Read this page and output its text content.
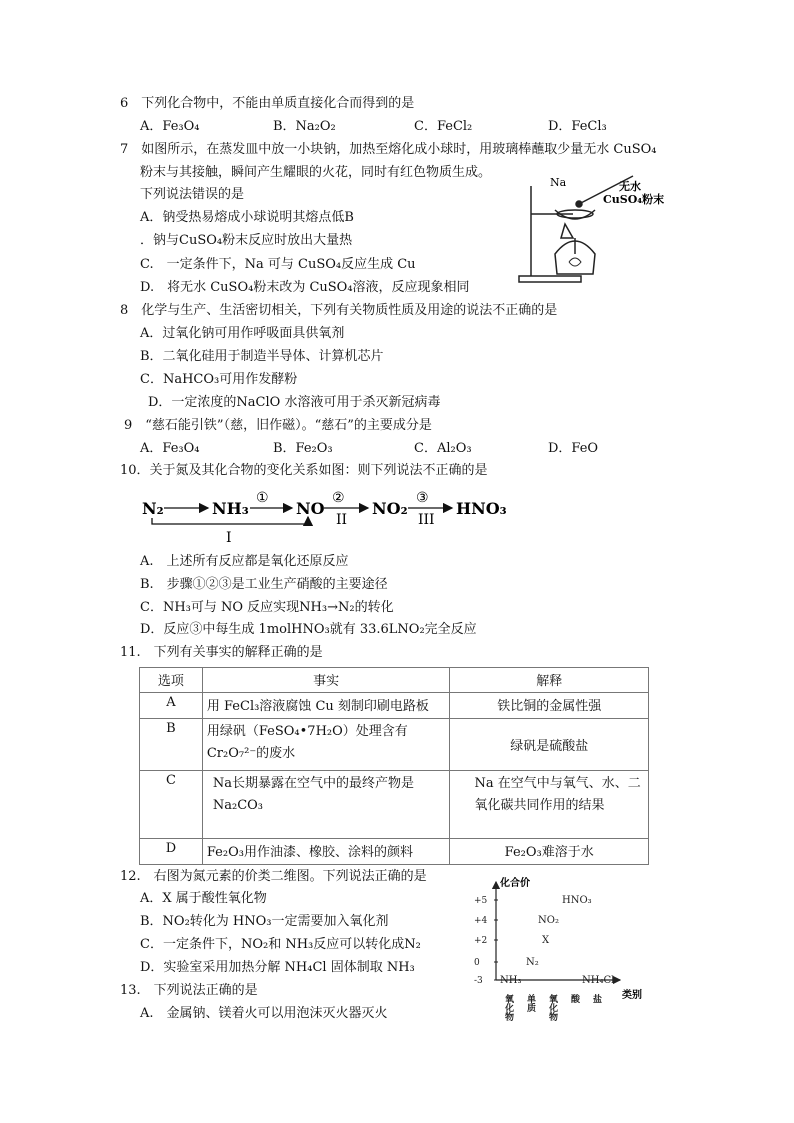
6　下列化合物中，不能由单质直接化合而得到的是
A．Fe₃O₄	B．Na₂O₂	C．FeCl₂	D．FeCl₃
7　如图所示，在蒸发皿中放一小块钠，加热至熔化成小球时，用玻璃棒蘸取少量无水 CuSO₄
粉末与其接触，瞬间产生耀眼的火花，同时有红色物质生成。
下列说法错误的是
A．钠受热易熔成小球说明其熔点低B
．钠与CuSO₄粉末反应时放出大量热
C.　一定条件下，Na 可与 CuSO₄反应生成 Cu
D.　将无水 CuSO₄粉末改为 CuSO₄溶液，反应现象相同
Na	无水
CuSO₄粉末
8　化学与生产、生活密切相关，下列有关物质性质及用途的说法不正确的是
A．过氧化钠可用作呼吸面具供氧剂
B．二氧化硅用于制造半导体、计算机芯片
C．NaHCO₃可用作发酵粉
D．一定浓度的NaClO 水溶液可用于杀灭新冠病毒
9　“慈石能引铁”（慈，旧作磁）。“慈石”的主要成分是
A．Fe₃O₄	B．Fe₂O₃	C．Al₂O₃	D．FeO
10．关于氮及其化合物的变化关系如图：则下列说法不正确的是
N₂	NH₃	NO	NO₂	HNO₃
①	②	③
I
II	III
A.　上述所有反应都是氧化还原反应
B.　步骤①②③是工业生产硝酸的主要途径
C．NH₃可与 NO 反应实现NH₃→N₂的转化
D．反应③中每生成 1molHNO₃就有 33.6LNO₂完全反应
11.　下列有关事实的解释正确的是
选项	事实	解释
A	用 FeCl₃溶液腐蚀 Cu 刻制印刷电路板	铁比铜的金属性强
B	用绿矾（FeSO₄•7H₂O）处理含有 Cr₂O₇²⁻的废水	绿矾是硫酸盐
C	Na长期暴露在空气中的最终产物是 Na₂CO₃	Na 在空气中与氧气、水、二氧化碳共同作用的结果
D	Fe₂O₃用作油漆、橡胶、涂料的颜料	Fe₂O₃难溶于水
12.　右图为氮元素的价类二维图。下列说法正确的是
A．X 属于酸性氧化物
B．NO₂转化为 HNO₃一定需要加入氧化剂
C．一定条件下，NO₂和 NH₃反应可以转化成N₂
D．实验室采用加热分解 NH₄Cl 固体制取 NH₃
化合价
类别
+5
+4
+2
0
-3
氧化物 单质 氧化物 酸 盐
HNO₃
NO₂
X
N₂
NH₃	NH₄Cl
13.　下列说法正确的是
A.　金属钠、镁着火可以用泡沫灭火器灭火
